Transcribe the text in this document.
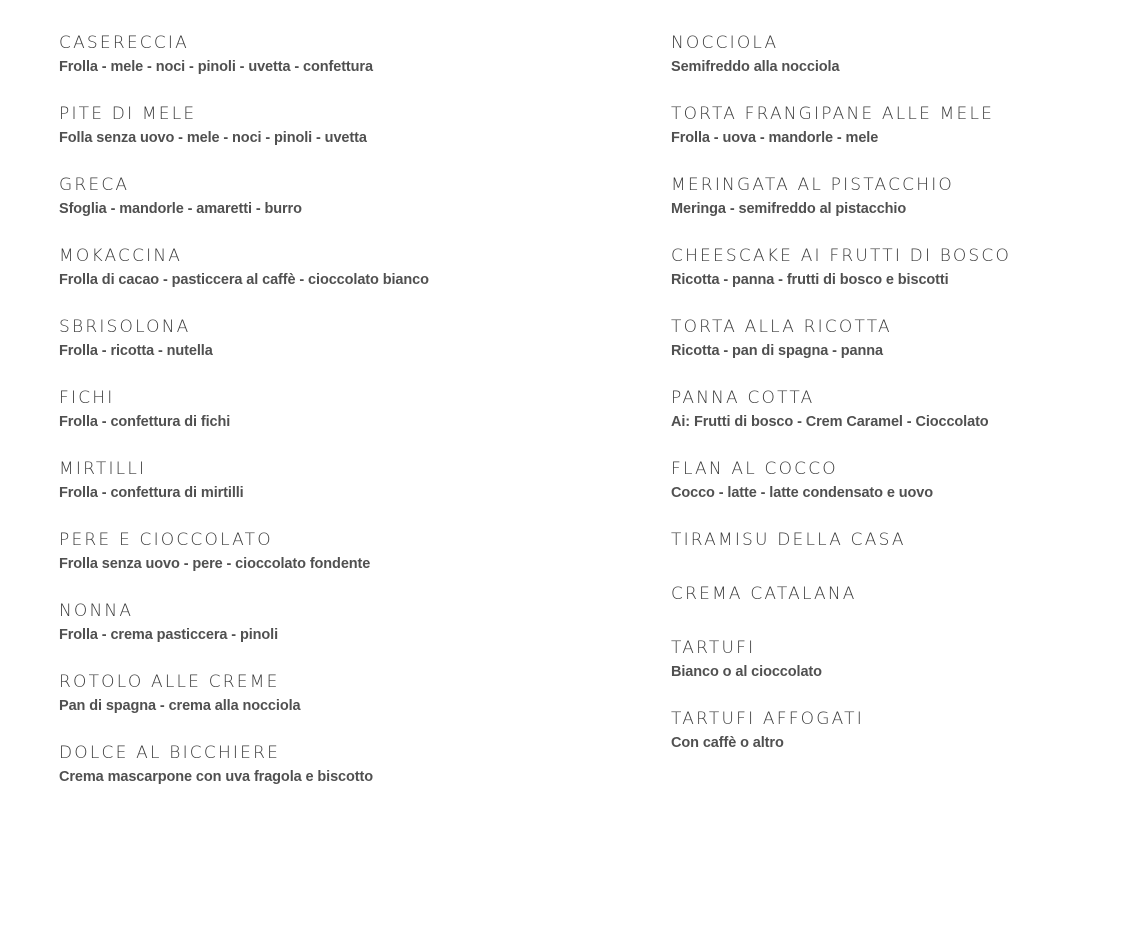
CASERECCIA
Frolla - mele - noci - pinoli - uvetta - confettura
PITE DI MELE
Folla senza uovo - mele - noci - pinoli - uvetta
GRECA
Sfoglia - mandorle - amaretti - burro
MOKACCINA
Frolla di cacao - pasticcera al caffè - cioccolato bianco
SBRISOLONA
Frolla - ricotta - nutella
FICHI
Frolla - confettura di fichi
MIRTILLI
Frolla - confettura di mirtilli
PERE E CIOCCOLATO
Frolla senza uovo - pere - cioccolato fondente
NONNA
Frolla - crema pasticcera - pinoli
ROTOLO ALLE CREME
Pan di spagna - crema alla nocciola
DOLCE AL BICCHIERE
Crema mascarpone con uva fragola e biscotto
NOCCIOLA
Semifreddo alla nocciola
TORTA FRANGIPANE ALLE MELE
Frolla - uova - mandorle - mele
MERINGATA AL PISTACCHIO
Meringa - semifreddo al pistacchio
CHEESCAKE AI FRUTTI DI BOSCO
Ricotta - panna - frutti di bosco e biscotti
TORTA ALLA RICOTTA
Ricotta - pan di spagna - panna
PANNA COTTA
Ai: Frutti di bosco - Crem Caramel - Cioccolato
FLAN AL COCCO
Cocco - latte - latte condensato e uovo
TIRAMISU DELLA CASA
CREMA CATALANA
TARTUFI
Bianco o al cioccolato
TARTUFI AFFOGATI
Con caffè o altro
